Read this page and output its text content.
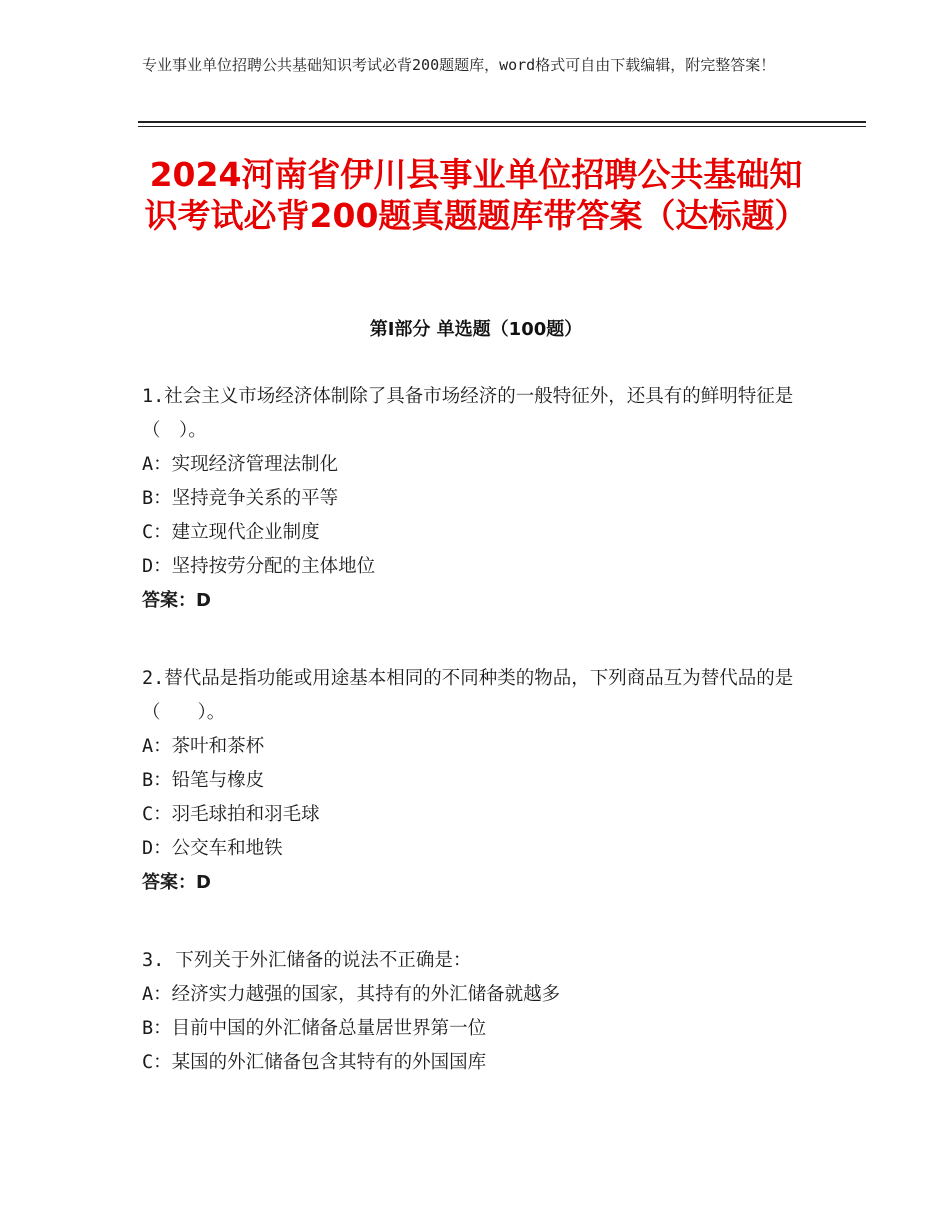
专业事业单位招聘公共基础知识考试必背200题题库，word格式可自由下载编辑，附完整答案！
2024河南省伊川县事业单位招聘公共基础知识考试必背200题真题题库带答案（达标题）
第I部分 单选题（100题）

1.社会主义市场经济体制除了具备市场经济的一般特征外，还具有的鲜明特征是（　）。

A：实现经济管理法制化

B：坚持竞争关系的平等

C：建立现代企业制度

D：坚持按劳分配的主体地位

答案：D

2.替代品是指功能或用途基本相同的不同种类的物品，下列商品互为替代品的是（　　）。

A：茶叶和茶杯

B：铅笔与橡皮

C：羽毛球拍和羽毛球

D：公交车和地铁

答案：D

3. 下列关于外汇储备的说法不正确是：

A：经济实力越强的国家，其持有的外汇储备就越多

B：目前中国的外汇储备总量居世界第一位

C：某国的外汇储备包含其特有的外国国库
